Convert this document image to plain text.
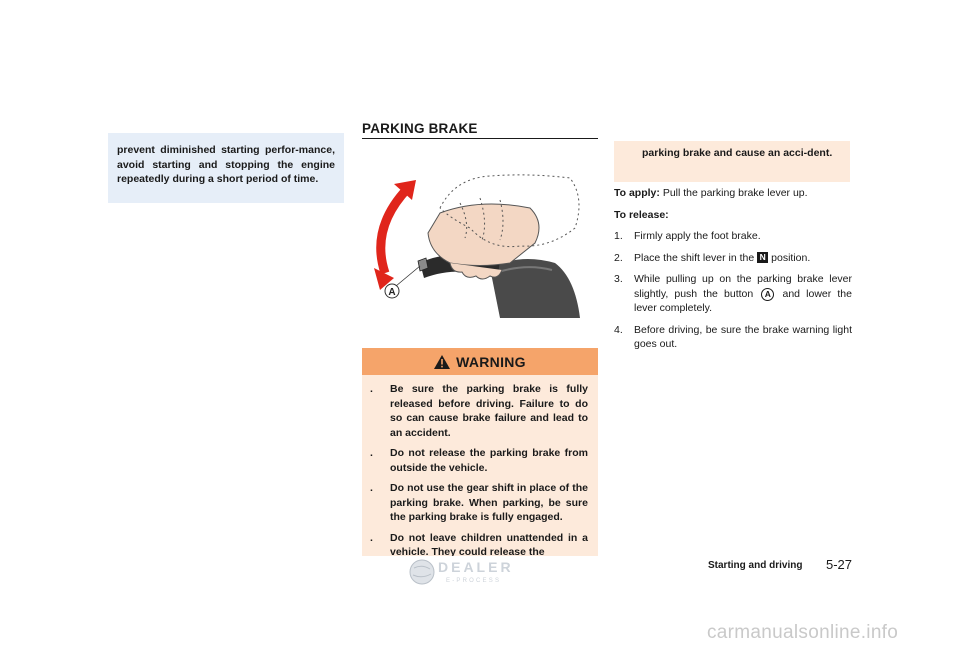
prevent diminished starting perfor-mance, avoid starting and stopping the engine repeatedly during a short period of time.

PARKING BRAKE
A
WARNING
.	Be sure the parking brake is fully released before driving. Failure to do so can cause brake failure and lead to an accident.
.	Do not release the parking brake from outside the vehicle.
.	Do not use the gear shift in place of the parking brake. When parking, be sure the parking brake is fully engaged.
.	Do not leave children unattended in a vehicle. They could release the

parking brake and cause an acci-dent.

To apply: Pull the parking brake lever up.
To release:
1.	Firmly apply the foot brake.
2.	Place the shift lever in the N position.
3.	While pulling up on the parking brake lever slightly, push the button A and lower the lever completely.
4.	Before driving, be sure the brake warning light goes out.
Starting and driving 5-27
DEALER
E-PROCESS
carmanualsonline.info
